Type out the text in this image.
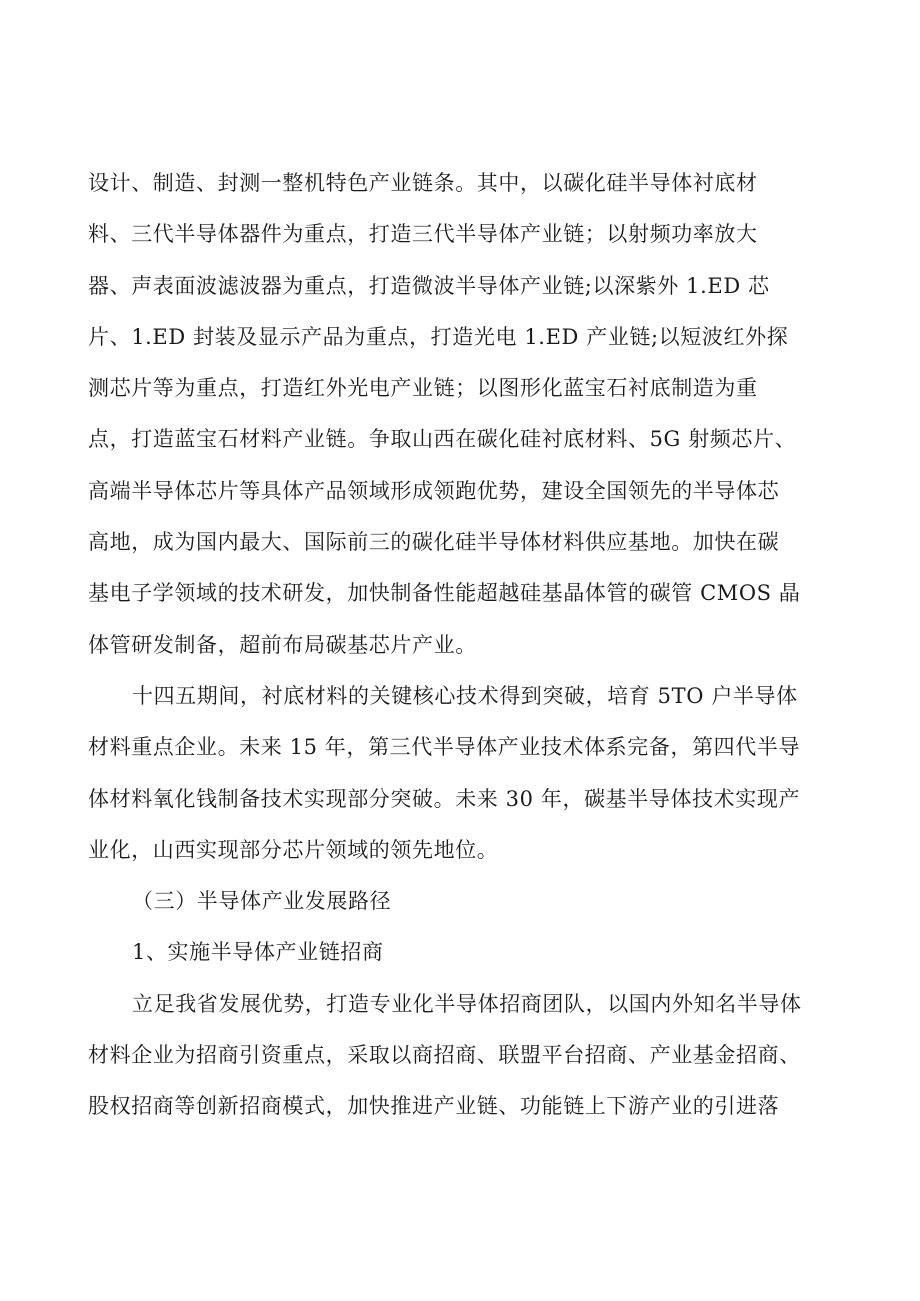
设计、制造、封测一整机特色产业链条。其中，以碳化硅半导体衬底材
料、三代半导体器件为重点，打造三代半导体产业链；以射频功率放大
器、声表面波滤波器为重点，打造微波半导体产业链;以深紫外 1.ED 芯
片、1.ED 封装及显示产品为重点，打造光电 1.ED 产业链;以短波红外探
测芯片等为重点，打造红外光电产业链；以图形化蓝宝石衬底制造为重
点，打造蓝宝石材料产业链。争取山西在碳化硅衬底材料、5G 射频芯片、
高端半导体芯片等具体产品领域形成领跑优势，建设全国领先的半导体芯
高地，成为国内最大、国际前三的碳化硅半导体材料供应基地。加快在碳
基电子学领域的技术研发，加快制备性能超越硅基晶体管的碳管 CMOS 晶
体管研发制备，超前布局碳基芯片产业。
十四五期间，衬底材料的关键核心技术得到突破，培育 5TO 户半导体
材料重点企业。未来 15 年，第三代半导体产业技术体系完备，第四代半导
体材料氧化钱制备技术实现部分突破。未来 30 年，碳基半导体技术实现产
业化，山西实现部分芯片领域的领先地位。
（三）半导体产业发展路径
1、实施半导体产业链招商
立足我省发展优势，打造专业化半导体招商团队，以国内外知名半导体
材料企业为招商引资重点，采取以商招商、联盟平台招商、产业基金招商、
股权招商等创新招商模式，加快推进产业链、功能链上下游产业的引进落
